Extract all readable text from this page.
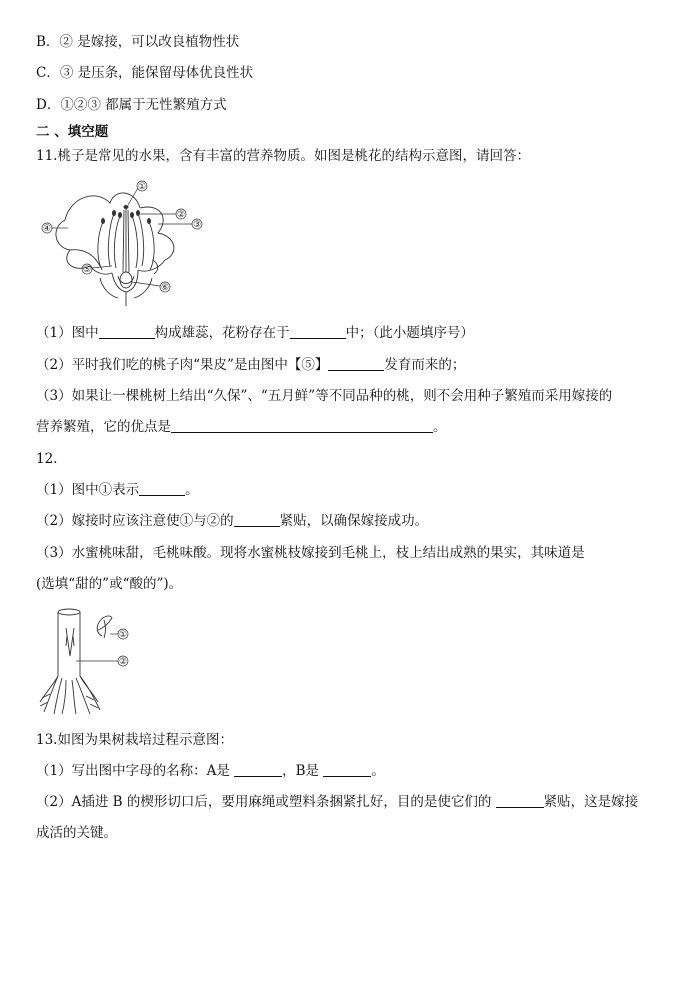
B．② 是嫁接，可以改良植物性状
C．③ 是压条，能保留母体优良性状
D．①②③ 都属于无性繁殖方式
二 、填空题
11.桃子是常见的水果，含有丰富的营养物质。如图是桃花的结构示意图，请回答：
①
②
③
④
⑤
⑥
（1）图中	构成雄蕊，花粉存在于	中；（此小题填序号）
（2）平时我们吃的桃子肉“果皮”是由图中【⑤】	发育而来的；
（3）如果让一棵桃树上结出“久保”、“五月鲜”等不同品种的桃，则不会用种子繁殖而采用嫁接的
营养繁殖，它的优点是	。
12.
（1）图中①表示	。
（2）嫁接时应该注意使①与②的	紧贴，以确保嫁接成功。
（3）水蜜桃味甜，毛桃味酸。现将水蜜桃枝嫁接到毛桃上，枝上结出成熟的果实，其味道是
(选填“甜的”或“酸的”)。
①
②
13.如图为果树栽培过程示意图：
（1）写出图中字母的名称：A是	，B是	。
（2）A插进 B 的楔形切口后，要用麻绳或塑料条捆紧扎好，目的是使它们的	紧贴，这是嫁接
成活的关键。
